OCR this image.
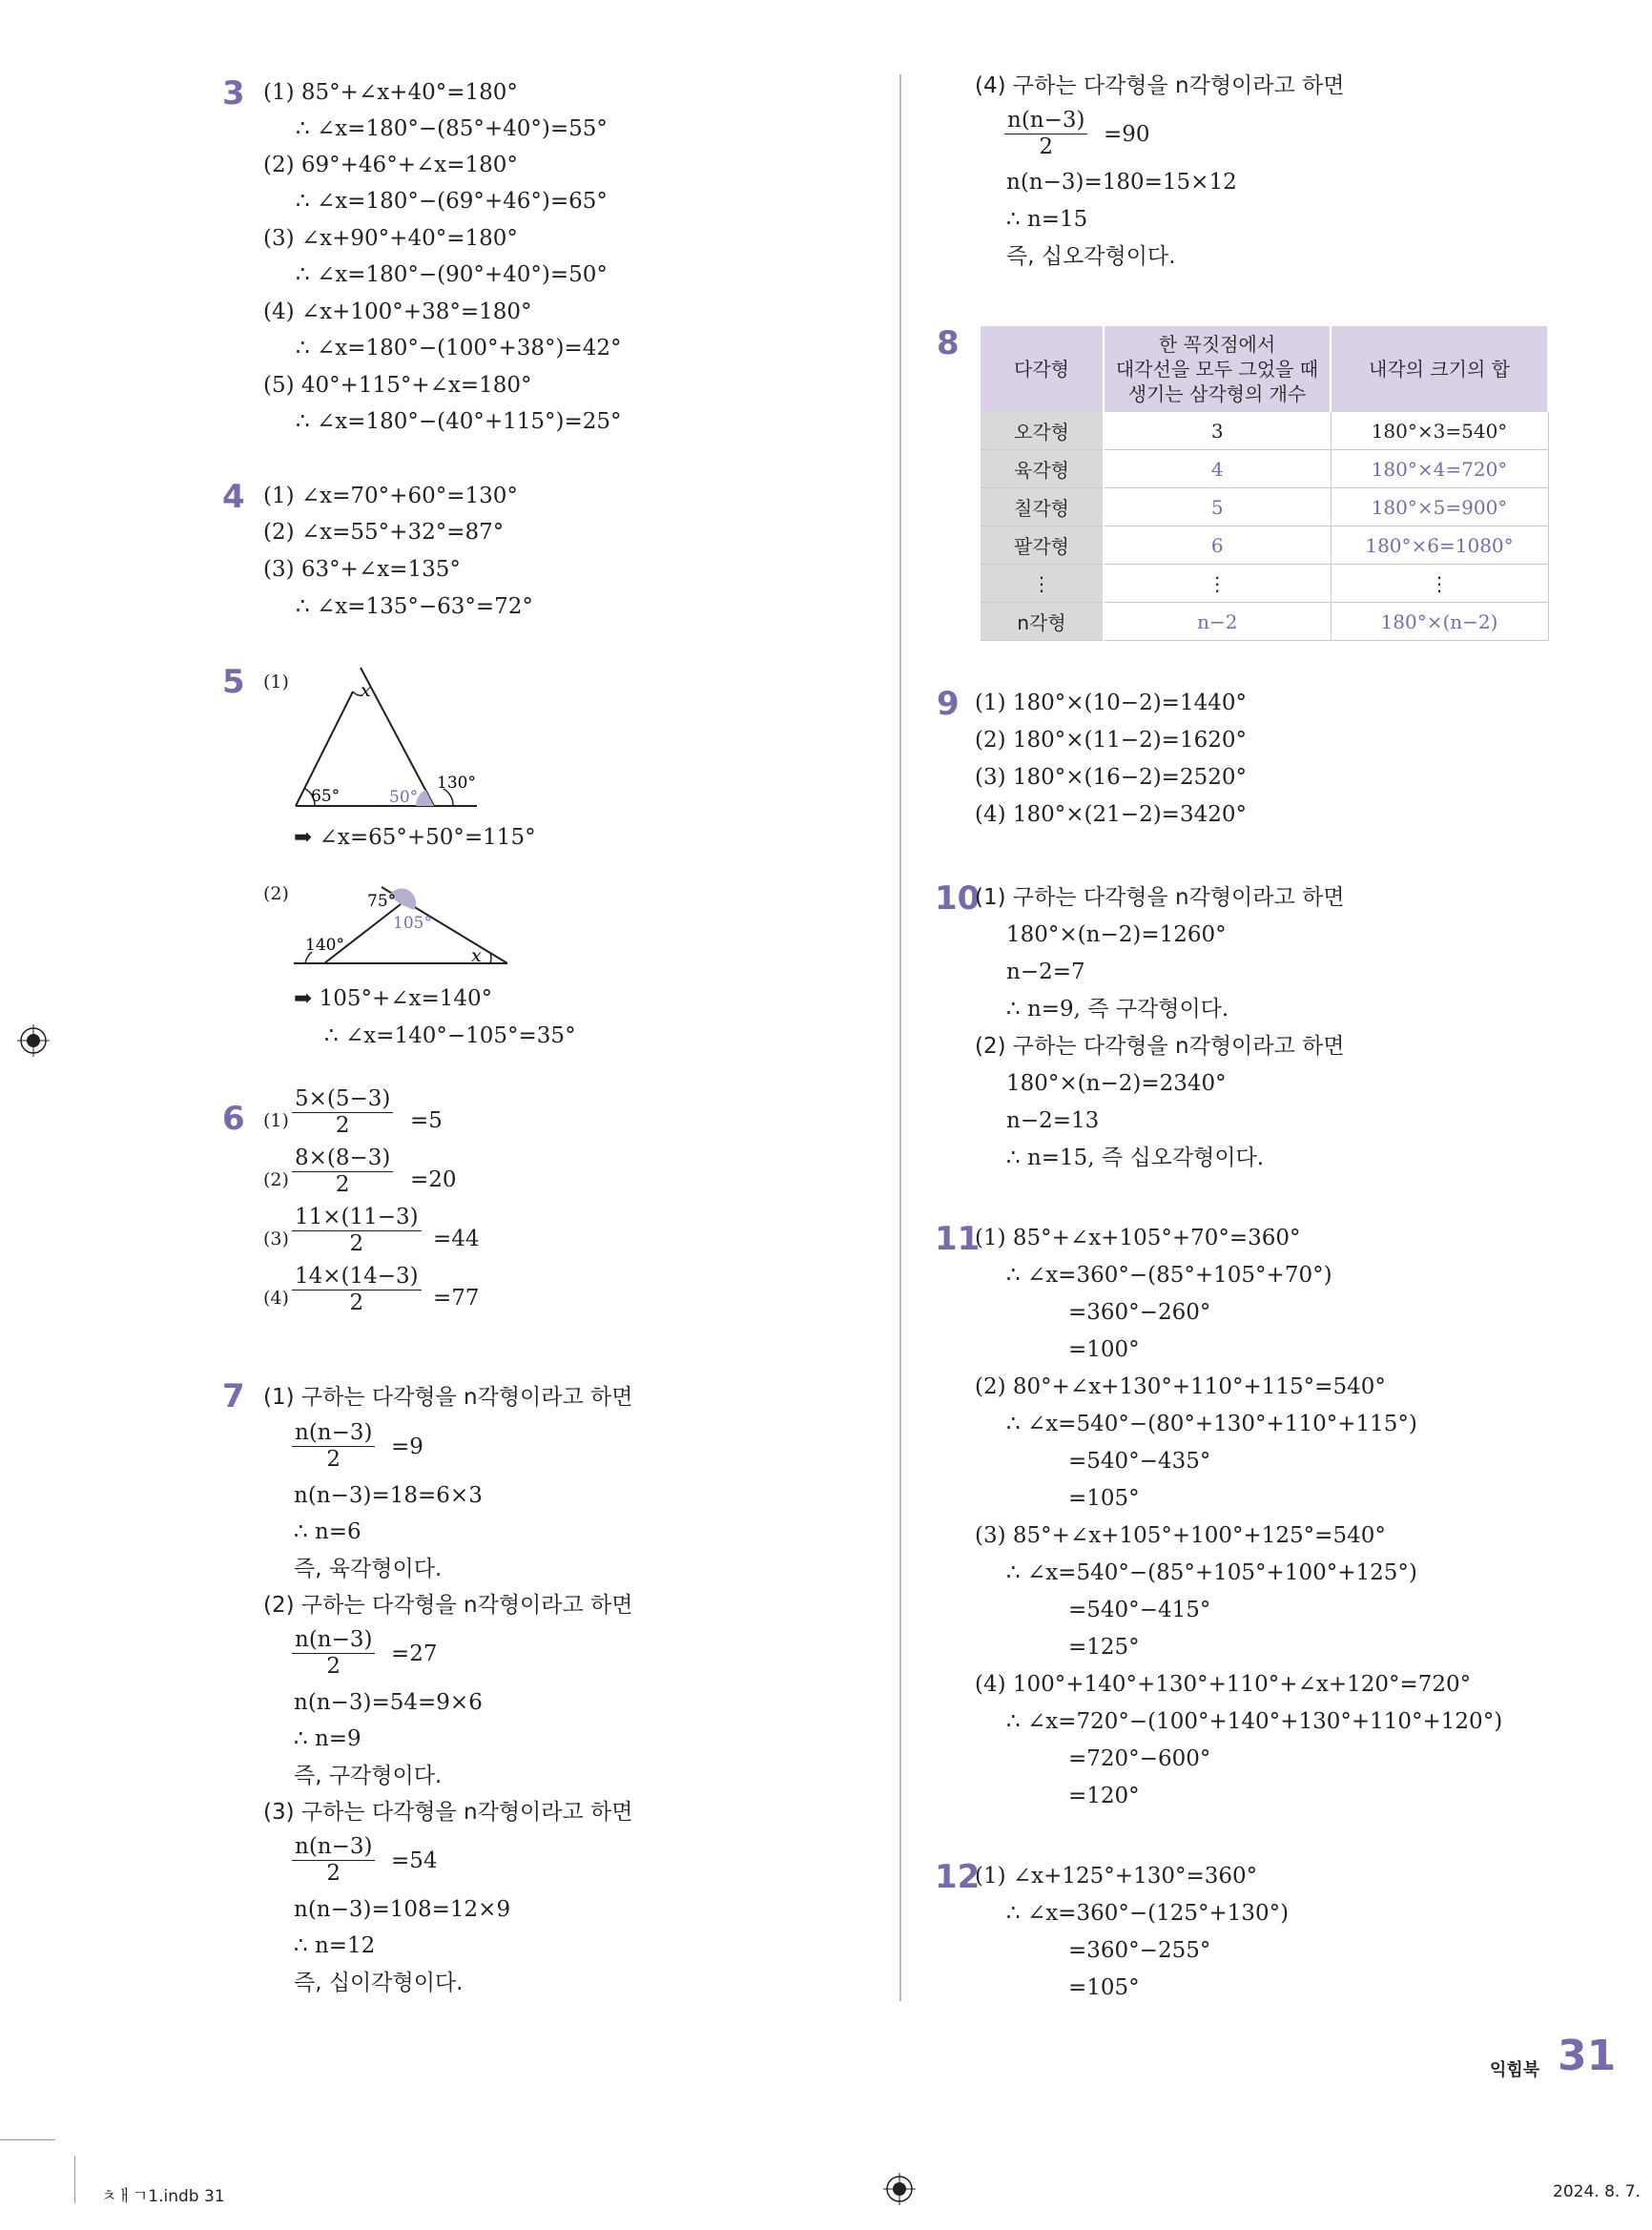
3 (1) 85°+∠x+40°=180°
∴ ∠x=180°−(85°+40°)=55°
(2) 69°+46°+∠x=180°
∴ ∠x=180°−(69°+46°)=65°
(3) ∠x+90°+40°=180°
∴ ∠x=180°−(90°+40°)=50°
(4) ∠x+100°+38°=180°
∴ ∠x=180°−(100°+38°)=42°
(5) 40°+115°+∠x=180°
∴ ∠x=180°−(40°+115°)=25°
4 (1) ∠x=70°+60°=130°
(2) ∠x=55°+32°=87°
(3) 63°+∠x=135°
∴ ∠x=135°−63°=72°
5 (1)	x
65°	50°
130°
➡ ∠x=65°+50°=115°
(2)	75°
105°
140°	x
➡ 105°+∠x=140°
∴ ∠x=140°−105°=35°
6 $(1) \frac{5\times(5-3)}{2} =5$
$(2) \frac{8\times(8-3)}{2} =20$
$(3) \frac{11\times(11-3)}{2} =44$
$(4) \frac{14\times(14-3)}{2} =77$
7 (1) 구하는 다각형을 n각형이라고 하면
$\frac{n(n-3)}{2} =9$
n(n−3)=18=6×3
∴ n=6
즉, 육각형이다.
(2) 구하는 다각형을 n각형이라고 하면
$\frac{n(n-3)}{2} =27$
n(n−3)=54=9×6
∴ n=9
즉, 구각형이다.
(3) 구하는 다각형을 n각형이라고 하면
$\frac{n(n-3)}{2} =54$
n(n−3)=108=12×9
∴ n=12
즉, 십이각형이다.
(4) 구하는 다각형을 n각형이라고 하면
$\frac{n(n-3)}{2} =90$
n(n−3)=180=15×12
∴ n=15
즉, 십오각형이다.
8
다각형	한 꼭짓점에서
대각선을 모두 그었을 때
생기는 삼각형의 개수	내각의 크기의 합
오각형	3	180°×3=540°
육각형	4	180°×4=720°
칠각형	5	180°×5=900°
팔각형	6	180°×6=1080°
⋮	⋮	⋮
n각형	n−2	180°×(n−2)
9 (1) 180°×(10−2)=1440°
(2) 180°×(11−2)=1620°
(3) 180°×(16−2)=2520°
(4) 180°×(21−2)=3420°
10
(1) 구하는 다각형을 n각형이라고 하면
180°×(n−2)=1260°
n−2=7
∴ n=9, 즉 구각형이다.
(2) 구하는 다각형을 n각형이라고 하면
180°×(n−2)=2340°
n−2=13
∴ n=15, 즉 십오각형이다.
11
(1) 85°+∠x+105°+70°=360°
∴ ∠x=360°−(85°+105°+70°)
=360°−260°
=100°
(2) 80°+∠x+130°+110°+115°=540°
∴ ∠x=540°−(80°+130°+110°+115°)
=540°−435°
=105°
(3) 85°+∠x+105°+100°+125°=540°
∴ ∠x=540°−(85°+105°+100°+125°)
=540°−415°
=125°
(4) 100°+140°+130°+110°+∠x+120°=720°
∴ ∠x=720°−(100°+140°+130°+110°+120°)
=720°−600°
=120°
12
(1) ∠x+125°+130°=360°
∴ ∠x=360°−(125°+130°)
=360°−255°
=105°
익힘북 31
ㅊㅐㄱ1.indb 31	2024. 8. 7.
